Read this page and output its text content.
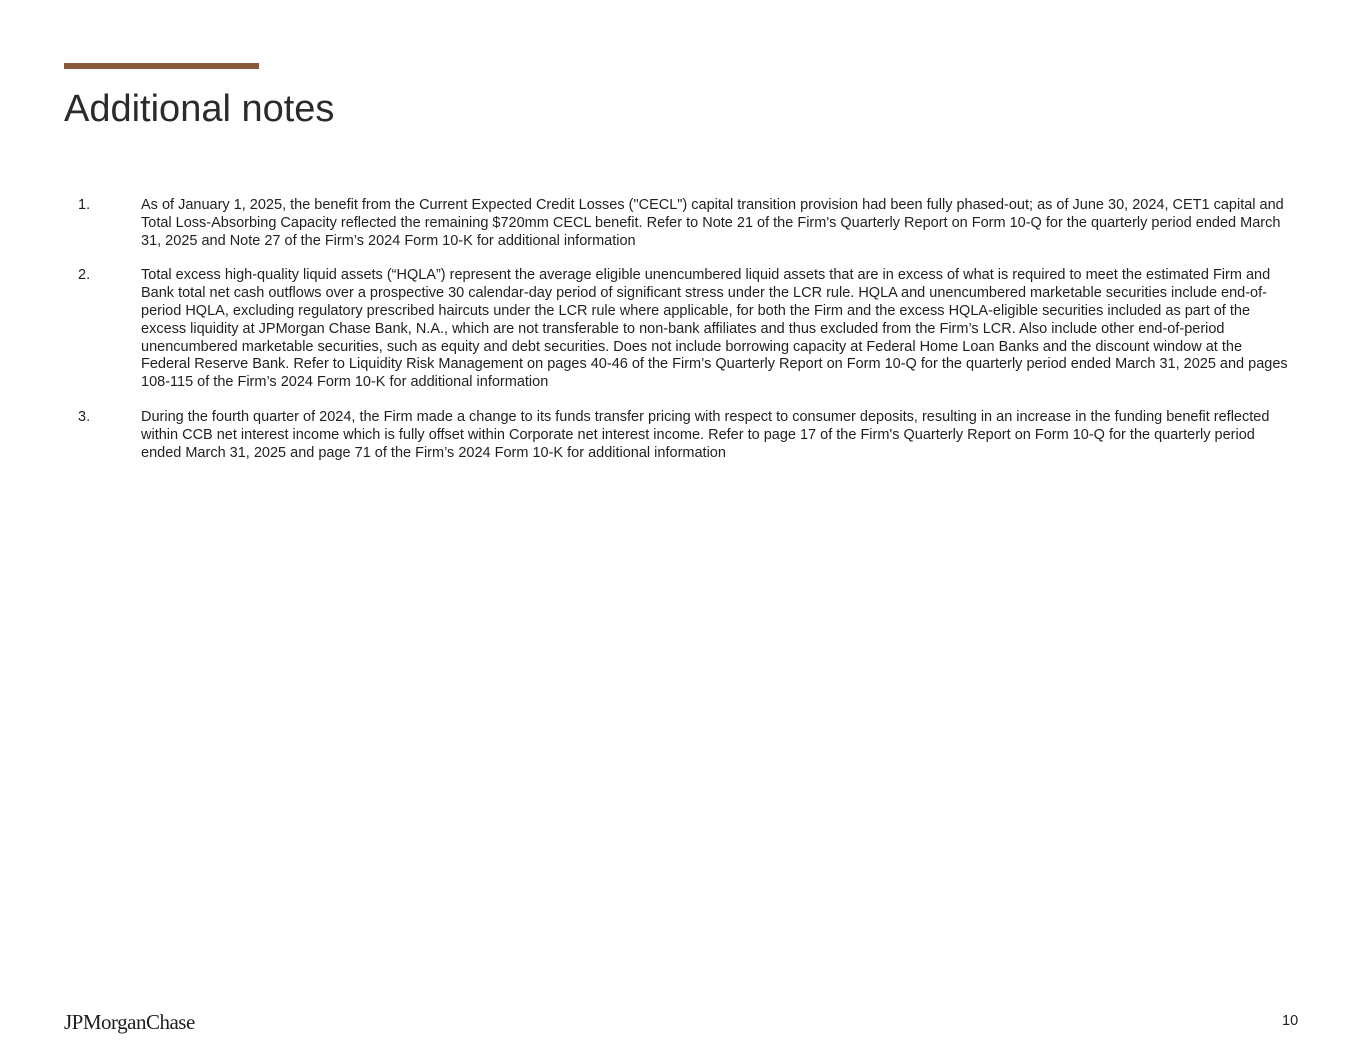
Additional notes
1.	As of January 1, 2025, the benefit from the Current Expected Credit Losses ("CECL") capital transition provision had been fully phased-out; as of June 30, 2024, CET1 capital and Total Loss-Absorbing Capacity reflected the remaining $720mm CECL benefit. Refer to Note 21 of the Firm's Quarterly Report on Form 10-Q for the quarterly period ended March 31, 2025 and Note 27 of the Firm’s 2024 Form 10-K for additional information
2.	Total excess high-quality liquid assets (“HQLA”) represent the average eligible unencumbered liquid assets that are in excess of what is required to meet the estimated Firm and Bank total net cash outflows over a prospective 30 calendar-day period of significant stress under the LCR rule. HQLA and unencumbered marketable securities include end-of-period HQLA, excluding regulatory prescribed haircuts under the LCR rule where applicable, for both the Firm and the excess HQLA-eligible securities included as part of the excess liquidity at JPMorgan Chase Bank, N.A., which are not transferable to non-bank affiliates and thus excluded from the Firm’s LCR. Also include other end-of-period unencumbered marketable securities, such as equity and debt securities. Does not include borrowing capacity at Federal Home Loan Banks and the discount window at the Federal Reserve Bank. Refer to Liquidity Risk Management on pages 40-46 of the Firm’s Quarterly Report on Form 10-Q for the quarterly period ended March 31, 2025 and pages 108-115 of the Firm’s 2024 Form 10-K for additional information
3.	During the fourth quarter of 2024, the Firm made a change to its funds transfer pricing with respect to consumer deposits, resulting in an increase in the funding benefit reflected within CCB net interest income which is fully offset within Corporate net interest income. Refer to page 17 of the Firm's Quarterly Report on Form 10-Q for the quarterly period ended March 31, 2025 and page 71 of the Firm’s 2024 Form 10-K for additional information
JPMorganChase	10
